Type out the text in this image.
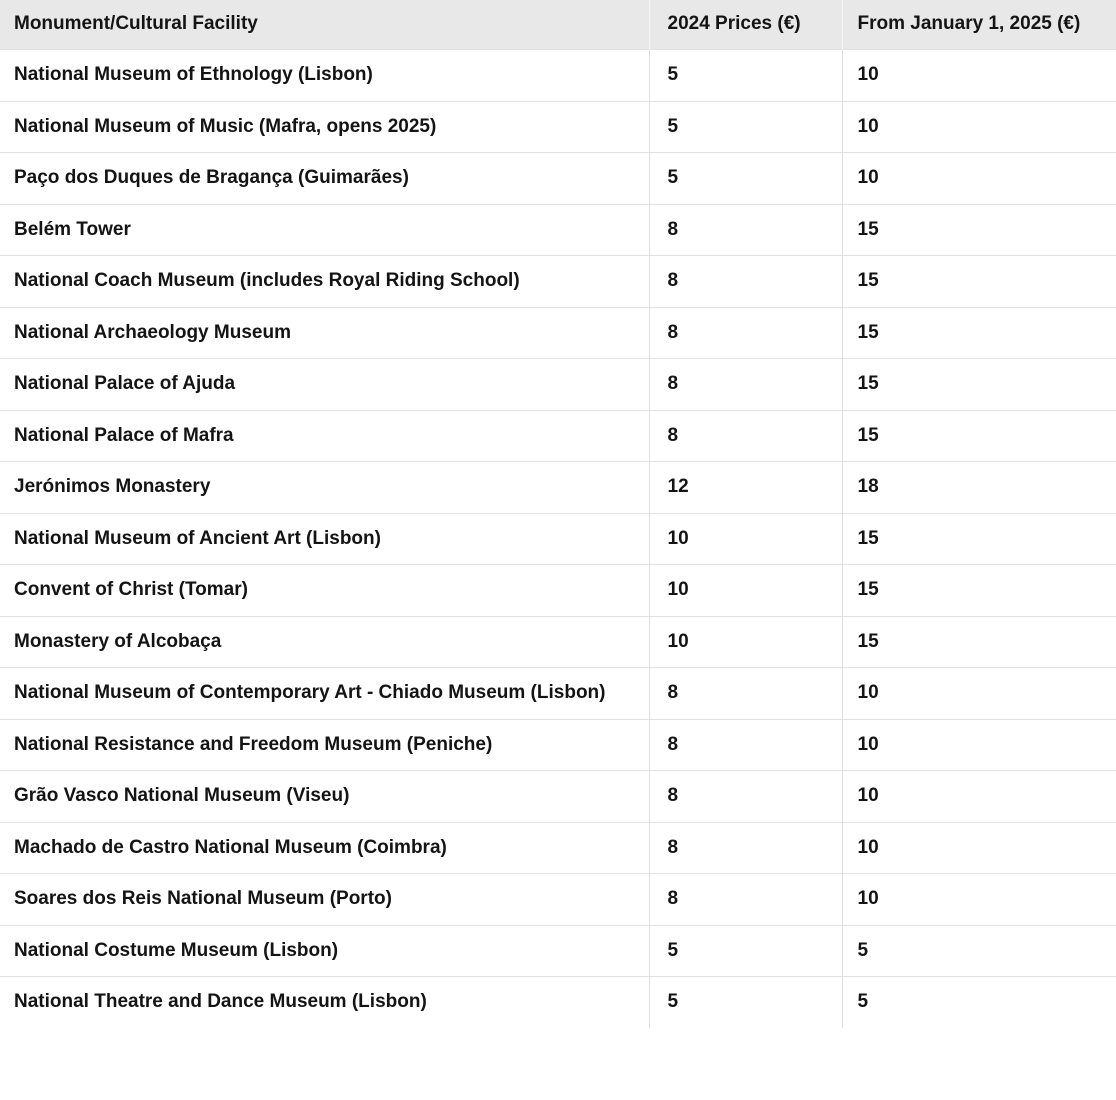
Monument/Cultural Facility	2024 Prices (€)	From January 1, 2025 (€)
National Museum of Ethnology (Lisbon)	5	10
National Museum of Music (Mafra, opens 2025)	5	10
Paço dos Duques de Bragança (Guimarães)	5	10
Belém Tower	8	15
National Coach Museum (includes Royal Riding School)	8	15
National Archaeology Museum	8	15
National Palace of Ajuda	8	15
National Palace of Mafra	8	15
Jerónimos Monastery	12	18
National Museum of Ancient Art (Lisbon)	10	15
Convent of Christ (Tomar)	10	15
Monastery of Alcobaça	10	15
National Museum of Contemporary Art - Chiado Museum (Lisbon)	8	10
National Resistance and Freedom Museum (Peniche)	8	10
Grão Vasco National Museum (Viseu)	8	10
Machado de Castro National Museum (Coimbra)	8	10
Soares dos Reis National Museum (Porto)	8	10
National Costume Museum (Lisbon)	5	5
National Theatre and Dance Museum (Lisbon)	5	5
